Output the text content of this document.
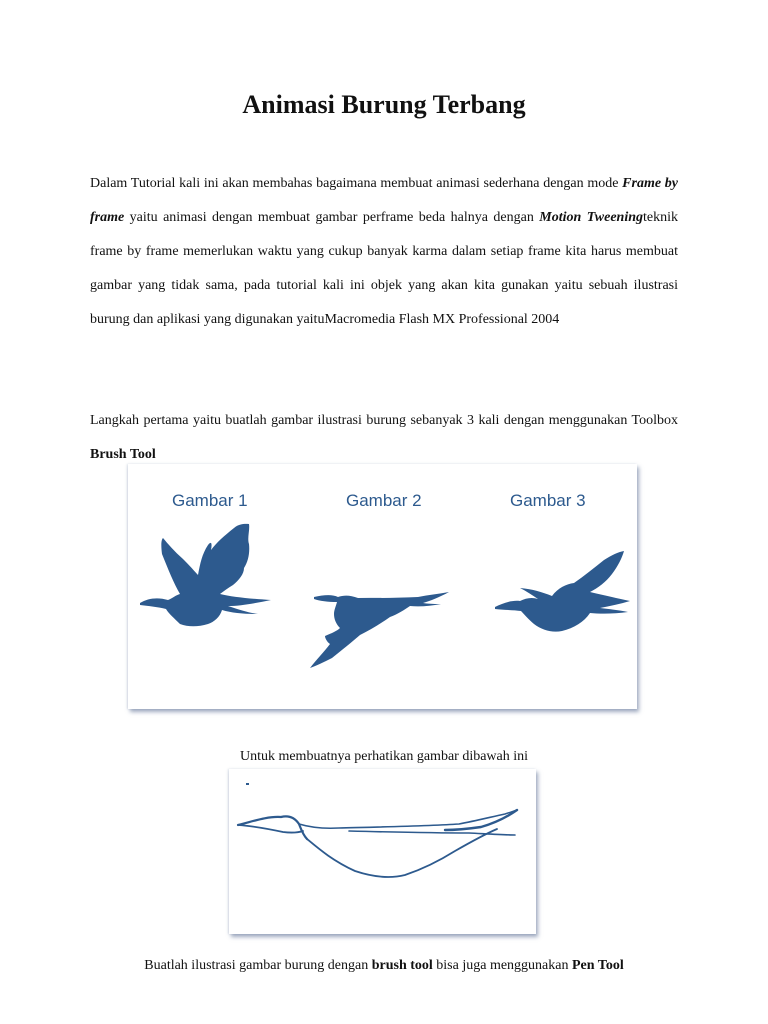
Animasi Burung Terbang
Dalam Tutorial kali ini akan membahas bagaimana membuat animasi sederhana dengan mode Frame by frame yaitu animasi dengan membuat gambar perframe beda halnya dengan Motion Tweeningteknik frame by frame memerlukan waktu yang cukup banyak karma dalam setiap frame kita harus membuat gambar yang tidak sama, pada tutorial kali ini objek yang akan kita gunakan yaitu sebuah ilustrasi burung dan aplikasi yang digunakan yaituMacromedia Flash MX Professional 2004
Langkah pertama yaitu buatlah gambar ilustrasi burung sebanyak 3 kali dengan menggunakan Toolbox Brush Tool
Gambar 1	Gambar 2	Gambar 3
Untuk membuatnya perhatikan gambar dibawah ini
Buatlah ilustrasi gambar burung dengan brush tool bisa juga menggunakan Pen Tool
